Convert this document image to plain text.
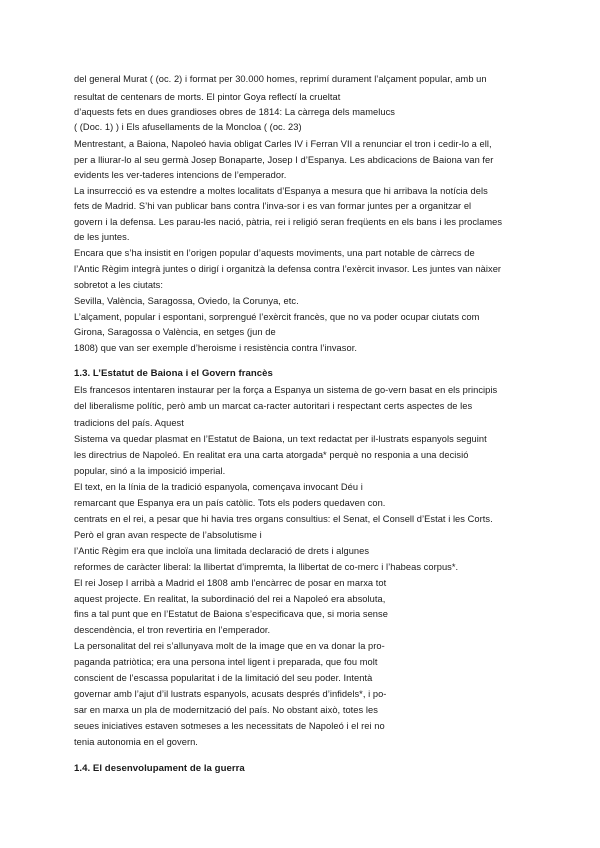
del general Murat ( (oc. 2) i format per 30.000 homes, reprimí durament l’alçament popular, amb un
resultat de centenars de morts. El pintor Goya reflectí la crueltat
d’aquests fets en dues grandioses obres de 1814: La càrrega dels mamelucs
( (Doc. 1) ) i Els afusellaments de la Moncloa ( (oc. 23)
Mentrestant, a Baiona, Napoleó havia obligat Carles IV i Ferran VII a renunciar el tron i cedir-lo a ell,
per a lliurar-lo al seu germà Josep Bonaparte, Josep I d’Espanya. Les abdicacions de Baiona van fer
evidents les ver-taderes intencions de l’emperador.
La insurrecció es va estendre a moltes localitats d’Espanya a mesura que hi arribava la notícia dels
fets de Madrid. S’hi van publicar bans contra l’inva-sor i es van formar juntes per a organitzar el
govern i la defensa. Les parau-les nació, pàtria, rei i religió seran freqüents en els bans i les proclames
de les juntes.
Encara que s’ha insistit en l’origen popular d’aquests moviments, una part notable de càrrecs de
l’Antic Règim integrà juntes o dirigí i organitzà la defensa contra l’exèrcit invasor. Les juntes van nàixer
sobretot a les ciutats:
Sevilla, València, Saragossa, Oviedo, la Corunya, etc.
L’alçament, popular i espontani, sorprengué l’exèrcit francès, que no va poder ocupar ciutats com
Girona, Saragossa o València, en setges (jun de
1808) que van ser exemple d’heroisme i resistència contra l’invasor.
1.3. L’Estatut de Baiona i el Govern francès
Els francesos intentaren instaurar per la força a Espanya un sistema de go-vern basat en els principis
del liberalisme polític, però amb un marcat ca-racter autoritari i respectant certs aspectes de les
tradicions del país. Aquest
Sistema va quedar plasmat en l’Estatut de Baiona, un text redactat per il-lustrats espanyols seguint
les directrius de Napoleó. En realitat era una carta atorgada* perquè no responia a una decisió
popular, sinó a la imposició imperial.
El text, en la línia de la tradició espanyola, començava invocant Déu i
remarcant que Espanya era un país catòlic. Tots els poders quedaven con.
centrats en el rei, a pesar que hi havia tres organs consultius: el Senat, el Consell d’Estat i les Corts.
Però el gran avan respecte de l’absolutisme i
l’Antic Règim era que incloïa una limitada declaració de drets i algunes
reformes de caràcter liberal: la llibertat d’impremta, la llibertat de co-merc i l’habeas corpus*.
El rei Josep I arribà a Madrid el 1808 amb l’encàrrec de posar en marxa tot
aquest projecte. En realitat, la subordinació del rei a Napoleó era absoluta,
fins a tal punt que en l’Estatut de Baiona s’especificava que, si moria sense
descendència, el tron revertiria en l’emperador.
La personalitat del rei s’allunyava molt de la image que en va donar la pro-
paganda patriòtica; era una persona intel ligent i preparada, que fou molt
conscient de l’escassa popularitat i de la limitació del seu poder. Intentà
governar amb l’ajut d’il lustrats espanyols, acusats després d’infidels*, i po-
sar en marxa un pla de modernització del país. No obstant això, totes les
seues iniciatives estaven sotmeses a les necessitats de Napoleó i el rei no
tenia autonomia en el govern.
1.4. El desenvolupament de la guerra
